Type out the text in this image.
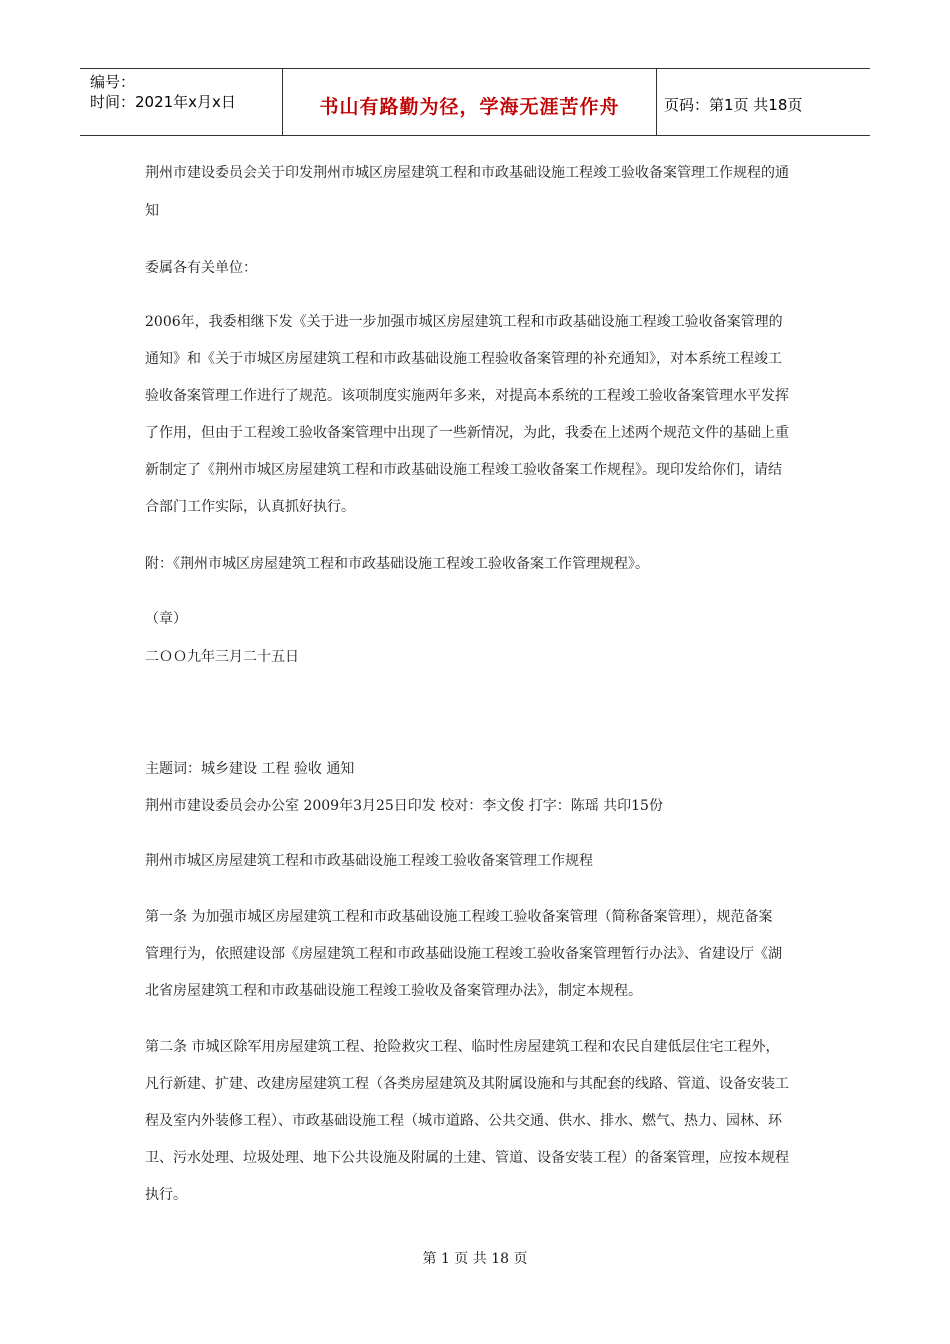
编号：
时间：2021年x月x日	书山有路勤为径，学海无涯苦作舟	页码：第1页 共18页
荆州市建设委员会关于印发荆州市城区房屋建筑工程和市政基础设施工程竣工验收备案管理工作规程的通
知
委属各有关单位：
2006年，我委相继下发《关于进一步加强市城区房屋建筑工程和市政基础设施工程竣工验收备案管理的
通知》和《关于市城区房屋建筑工程和市政基础设施工程验收备案管理的补充通知》，对本系统工程竣工
验收备案管理工作进行了规范。该项制度实施两年多来，对提高本系统的工程竣工验收备案管理水平发挥
了作用，但由于工程竣工验收备案管理中出现了一些新情况，为此，我委在上述两个规范文件的基础上重
新制定了《荆州市城区房屋建筑工程和市政基础设施工程竣工验收备案工作规程》。现印发给你们，请结
合部门工作实际，认真抓好执行。
附：《荆州市城区房屋建筑工程和市政基础设施工程竣工验收备案工作管理规程》。
（章）
二ＯＯ九年三月二十五日
主题词：城乡建设 工程 验收 通知
荆州市建设委员会办公室 2009年3月25日印发 校对：李文俊 打字：陈瑶 共印15份
荆州市城区房屋建筑工程和市政基础设施工程竣工验收备案管理工作规程
第一条 为加强市城区房屋建筑工程和市政基础设施工程竣工验收备案管理（简称备案管理），规范备案
管理行为，依照建设部《房屋建筑工程和市政基础设施工程竣工验收备案管理暂行办法》、省建设厅《湖
北省房屋建筑工程和市政基础设施工程竣工验收及备案管理办法》，制定本规程。
第二条 市城区除军用房屋建筑工程、抢险救灾工程、临时性房屋建筑工程和农民自建低层住宅工程外，
凡行新建、扩建、改建房屋建筑工程（各类房屋建筑及其附属设施和与其配套的线路、管道、设备安装工
程及室内外装修工程）、市政基础设施工程（城市道路、公共交通、供水、排水、燃气、热力、园林、环
卫、污水处理、垃圾处理、地下公共设施及附属的土建、管道、设备安装工程）的备案管理，应按本规程
执行。
第 1 页 共 18 页
